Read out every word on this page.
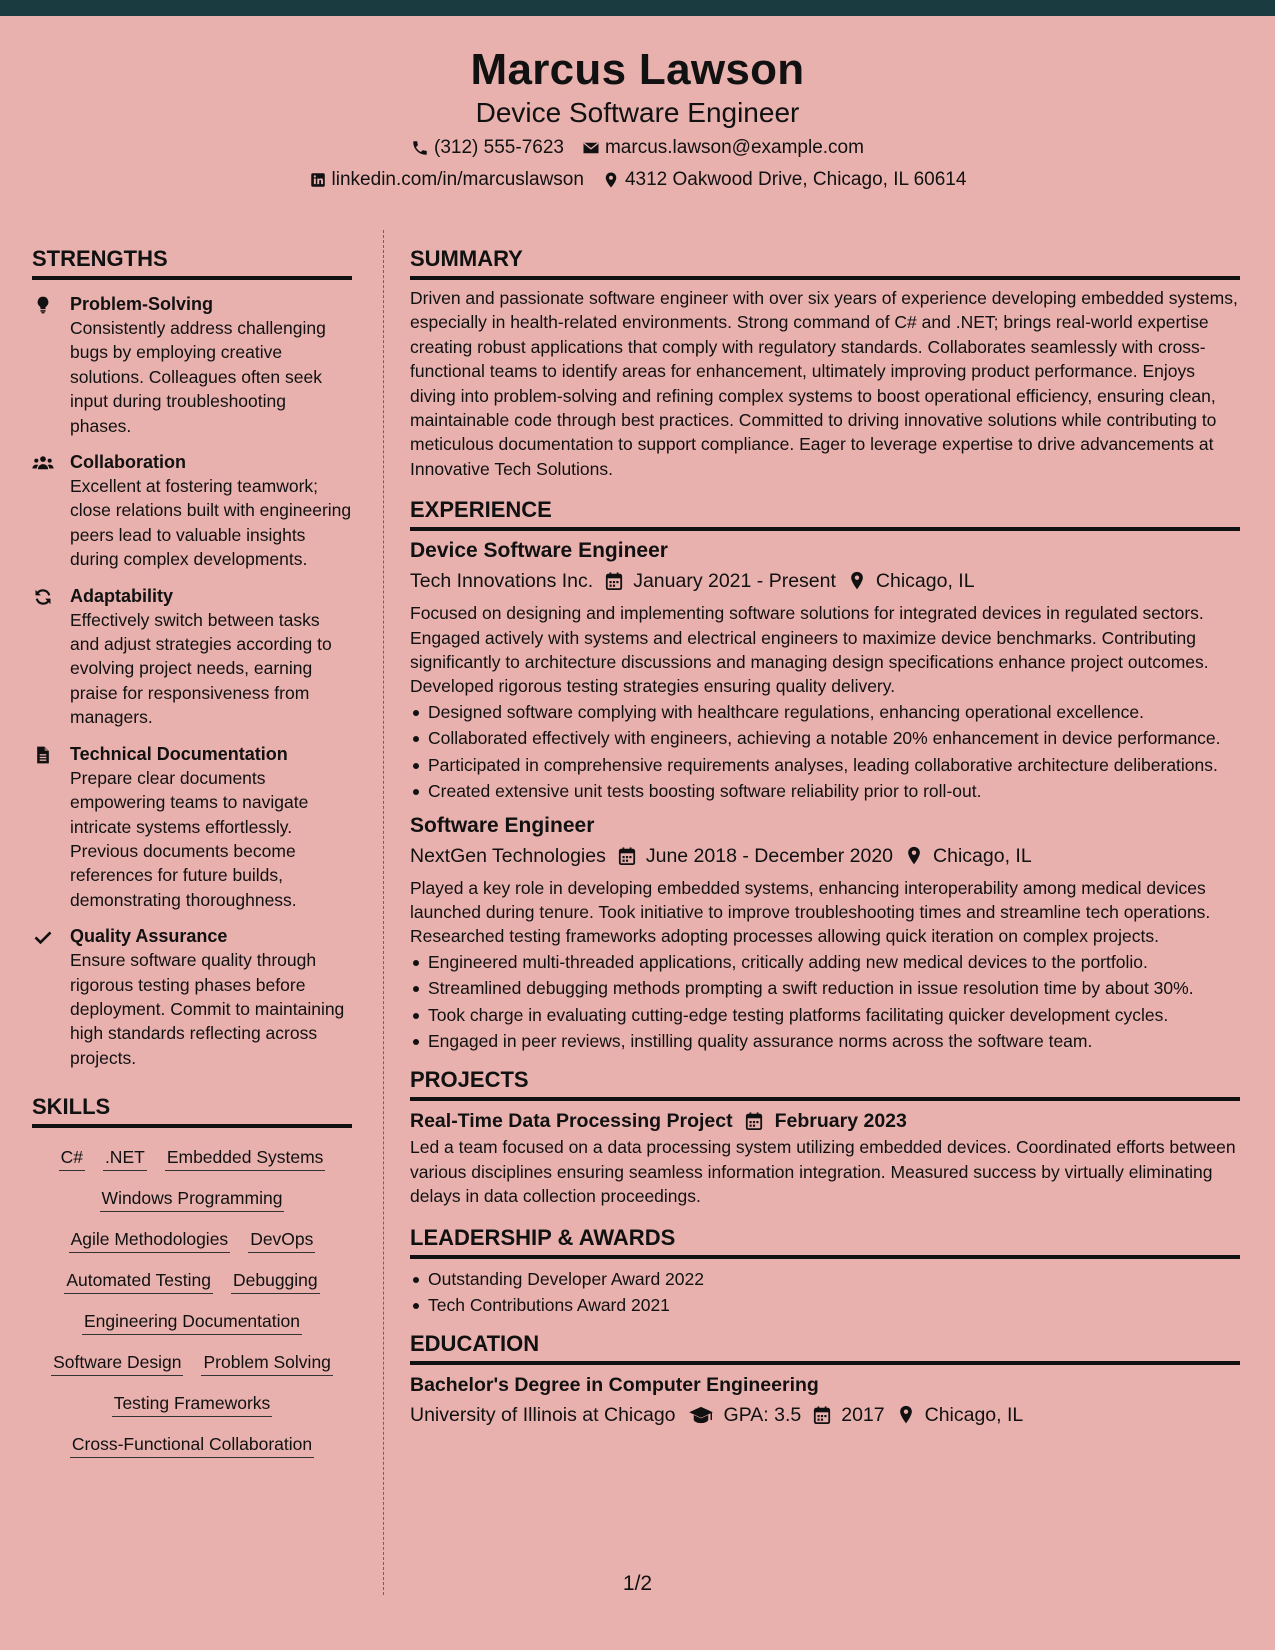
Marcus Lawson
Device Software Engineer
(312) 555-7623 marcus.lawson@example.com
linkedin.com/in/marcuslawson 4312 Oakwood Drive, Chicago, IL 60614
STRENGTHS
Problem-Solving
Consistently address challenging bugs by employing creative solutions. Colleagues often seek input during troubleshooting phases.
Collaboration
Excellent at fostering teamwork; close relations built with engineering peers lead to valuable insights during complex developments.
Adaptability
Effectively switch between tasks and adjust strategies according to evolving project needs, earning praise for responsiveness from managers.
Technical Documentation
Prepare clear documents empowering teams to navigate intricate systems effortlessly. Previous documents become references for future builds, demonstrating thoroughness.
Quality Assurance
Ensure software quality through rigorous testing phases before deployment. Commit to maintaining high standards reflecting across projects.
SKILLS
C# .NET Embedded Systems
Windows Programming
Agile Methodologies DevOps
Automated Testing Debugging
Engineering Documentation
Software Design Problem Solving
Testing Frameworks
Cross-Functional Collaboration
SUMMARY
Driven and passionate software engineer with over six years of experience developing embedded systems, especially in health-related environments. Strong command of C# and .NET; brings real-world expertise creating robust applications that comply with regulatory standards. Collaborates seamlessly with cross-functional teams to identify areas for enhancement, ultimately improving product performance. Enjoys diving into problem-solving and refining complex systems to boost operational efficiency, ensuring clean, maintainable code through best practices. Committed to driving innovative solutions while contributing to meticulous documentation to support compliance. Eager to leverage expertise to drive advancements at Innovative Tech Solutions.
EXPERIENCE
Device Software Engineer
Tech Innovations Inc. January 2021 - Present Chicago, IL
Focused on designing and implementing software solutions for integrated devices in regulated sectors. Engaged actively with systems and electrical engineers to maximize device benchmarks. Contributing significantly to architecture discussions and managing design specifications enhance project outcomes. Developed rigorous testing strategies ensuring quality delivery.
Designed software complying with healthcare regulations, enhancing operational excellence.
Collaborated effectively with engineers, achieving a notable 20% enhancement in device performance.
Participated in comprehensive requirements analyses, leading collaborative architecture deliberations.
Created extensive unit tests boosting software reliability prior to roll-out.
Software Engineer
NextGen Technologies June 2018 - December 2020 Chicago, IL
Played a key role in developing embedded systems, enhancing interoperability among medical devices launched during tenure. Took initiative to improve troubleshooting times and streamline tech operations. Researched testing frameworks adopting processes allowing quick iteration on complex projects.
Engineered multi-threaded applications, critically adding new medical devices to the portfolio.
Streamlined debugging methods prompting a swift reduction in issue resolution time by about 30%.
Took charge in evaluating cutting-edge testing platforms facilitating quicker development cycles.
Engaged in peer reviews, instilling quality assurance norms across the software team.
PROJECTS
Real-Time Data Processing Project February 2023
Led a team focused on a data processing system utilizing embedded devices. Coordinated efforts between various disciplines ensuring seamless information integration. Measured success by virtually eliminating delays in data collection proceedings.
LEADERSHIP & AWARDS
Outstanding Developer Award 2022
Tech Contributions Award 2021
EDUCATION
Bachelor's Degree in Computer Engineering
University of Illinois at Chicago GPA: 3.5 2017 Chicago, IL
1/2
